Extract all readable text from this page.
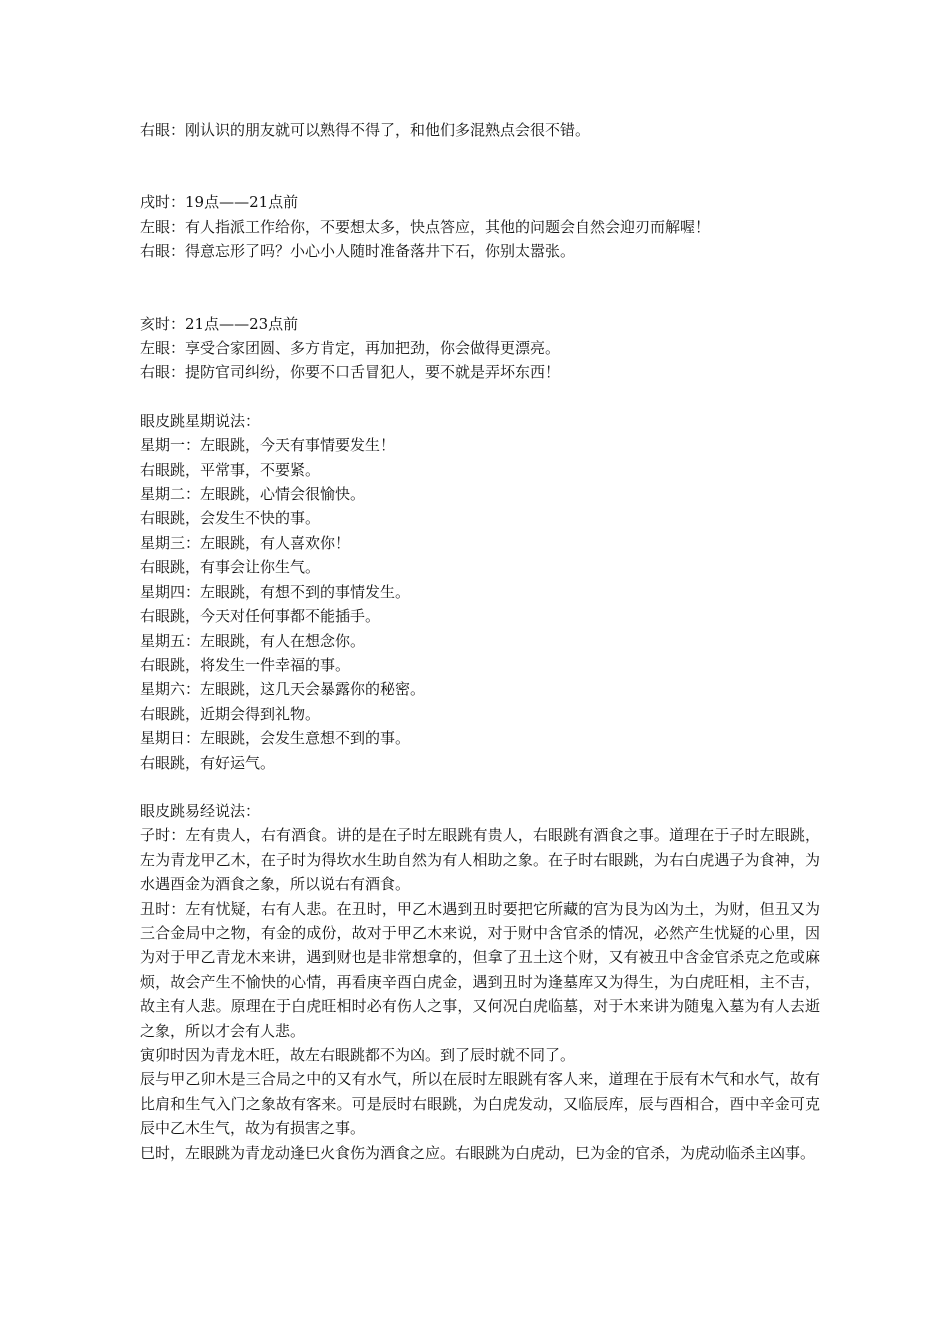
右眼：刚认识的朋友就可以熟得不得了，和他们多混熟点会很不错。
戌时：19点——21点前
左眼：有人指派工作给你，不要想太多，快点答应，其他的问题会自然会迎刃而解喔！
右眼：得意忘形了吗？小心小人随时准备落井下石，你别太嚣张。
亥时：21点——23点前
左眼：享受合家团圆、多方肯定，再加把劲，你会做得更漂亮。
右眼：提防官司纠纷，你要不口舌冒犯人，要不就是弄坏东西！
眼皮跳星期说法：
星期一：左眼跳，今天有事情要发生！
右眼跳，平常事，不要紧。
星期二：左眼跳，心情会很愉快。
右眼跳，会发生不快的事。
星期三：左眼跳，有人喜欢你！
右眼跳，有事会让你生气。
星期四：左眼跳，有想不到的事情发生。
右眼跳，今天对任何事都不能插手。
星期五：左眼跳，有人在想念你。
右眼跳，将发生一件幸福的事。
星期六：左眼跳，这几天会暴露你的秘密。
右眼跳，近期会得到礼物。
星期日：左眼跳，会发生意想不到的事。
右眼跳，有好运气。
眼皮跳易经说法：
子时：左有贵人，右有酒食。讲的是在子时左眼跳有贵人，右眼跳有酒食之事。道理在于子时左眼跳，左为青龙甲乙木，在子时为得坎水生助自然为有人相助之象。在子时右眼跳，为右白虎遇子为食神，为水遇酉金为酒食之象，所以说右有酒食。
丑时：左有忧疑，右有人悲。在丑时，甲乙木遇到丑时要把它所藏的宫为艮为凶为土，为财，但丑又为三合金局中之物，有金的成份，故对于甲乙木来说，对于财中含官杀的情况，必然产生忧疑的心里，因为对于甲乙青龙木来讲，遇到财也是非常想拿的，但拿了丑土这个财，又有被丑中含金官杀克之危或麻烦，故会产生不愉快的心情，再看庚辛酉白虎金，遇到丑时为逢墓库又为得生，为白虎旺相，主不吉，故主有人悲。原理在于白虎旺相时必有伤人之事，又何况白虎临墓，对于木来讲为随鬼入墓为有人去逝之象，所以才会有人悲。
寅卯时因为青龙木旺，故左右眼跳都不为凶。到了辰时就不同了。
辰与甲乙卯木是三合局之中的又有水气，所以在辰时左眼跳有客人来，道理在于辰有木气和水气，故有比肩和生气入门之象故有客来。可是辰时右眼跳，为白虎发动，又临辰库，辰与酉相合，酉中辛金可克辰中乙木生气，故为有损害之事。
巳时，左眼跳为青龙动逢巳火食伤为酒食之应。右眼跳为白虎动，巳为金的官杀，为虎动临杀主凶事。
